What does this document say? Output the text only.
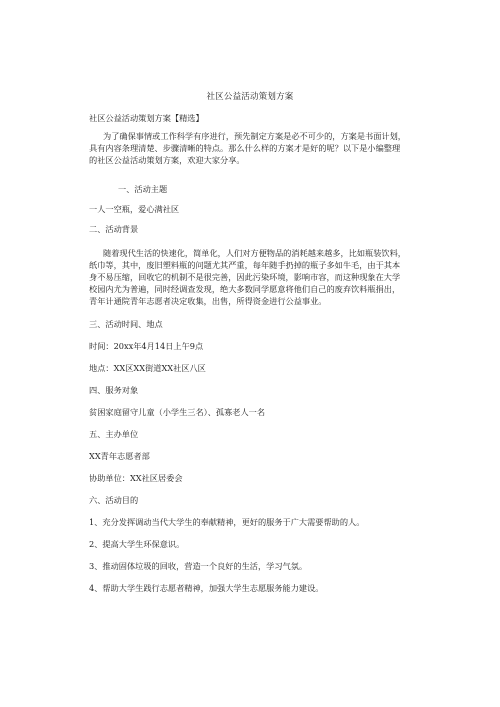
社区公益活动策划方案
社区公益活动策划方案【精选】
为了确保事情或工作科学有序进行，预先制定方案是必不可少的，方案是书面计划，
具有内容条理清楚、步骤清晰的特点。那么什么样的方案才是好的呢？以下是小编整理
的社区公益活动策划方案，欢迎大家分享。
一、活动主题
一人一空瓶，爱心满社区
二、活动背景
随着现代生活的快速化，简单化，人们对方便物品的消耗越来越多，比如瓶装饮料，
纸巾等，其中，废旧塑料瓶的问题尤其严重，每年随手扔掉的瓶子多如牛毛，由于其本
身不易压缩，回收它的机制不是很完善，因此污染环境，影响市容，而这种现象在大学
校园内尤为普遍，同时经调查发现，绝大多数同学愿意将他们自己的废弃饮料瓶捐出，
青年计通院青年志愿者决定收集，出售，所得资金进行公益事业。
三、活动时间、地点
时间：20xx年4月14日上午9点
地点：XX区XX街道XX社区八区
四、服务对象
贫困家庭留守儿童（小学生三名）、孤寡老人一名
五、主办单位
XX青年志愿者部
协助单位：XX社区居委会
六、活动目的
1、充分发挥调动当代大学生的奉献精神，更好的服务于广大需要帮助的人。
2、提高大学生环保意识。
3、推动固体垃圾的回收，营造一个良好的生活，学习气氛。
4、帮助大学生践行志愿者精神，加强大学生志愿服务能力建设。
